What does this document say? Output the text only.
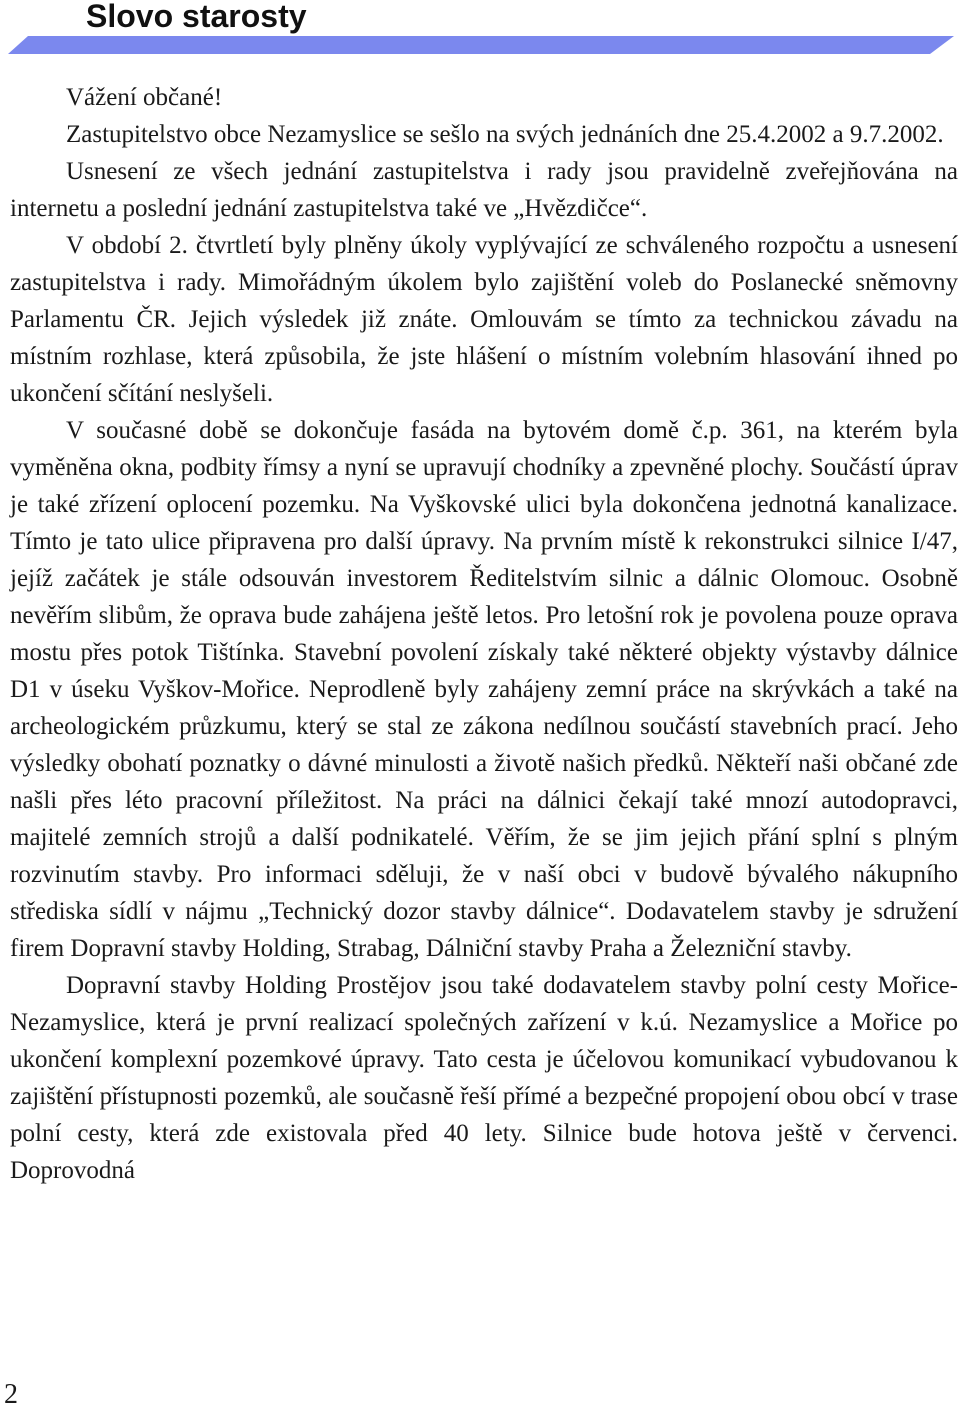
Slovo starosty

Vážení občané!

Zastupitelstvo obce Nezamyslice se sešlo na svých jednáních dne 25.4.2002 a 9.7.2002.

Usnesení ze všech jednání zastupitelstva i rady jsou pravidelně zveřejňována na internetu a poslední jednání zastupitelstva také ve „Hvězdičce“.

V období 2. čtvrtletí byly plněny úkoly vyplývající ze schváleného rozpočtu a usnesení zastupitelstva i rady. Mimořádným úkolem bylo zajištění voleb do Poslanecké sněmovny Parlamentu ČR. Jejich výsledek již znáte. Omlouvám se tímto za technickou závadu na místním rozhlase, která způsobila, že jste hlášení o místním volebním hlasování ihned po ukončení sčítání neslyšeli.

V současné době se dokončuje fasáda na bytovém domě č.p. 361, na kterém byla vyměněna okna, podbity římsy a nyní se upravují chodníky a zpevněné plochy. Součástí úprav je také zřízení oplocení pozemku. Na Vyškovské ulici byla dokončena jednotná kanalizace. Tímto je tato ulice připravena pro další úpravy. Na prvním místě k rekonstrukci silnice I/47, jejíž začátek je stále odsouván investorem Ředitelstvím silnic a dálnic Olomouc. Osobně nevěřím slibům, že oprava bude zahájena ještě letos. Pro letošní rok je povolena pouze oprava mostu přes potok Tištínka. Stavební povolení získaly také některé objekty výstavby dálnice D1 v úseku Vyškov-Mořice. Neprodleně byly zahájeny zemní práce na skrývkách a také na archeologickém průzkumu, který se stal ze zákona nedílnou součástí stavebních prací. Jeho výsledky obohatí poznatky o dávné minulosti a životě našich předků. Někteří naši občané zde našli přes léto pracovní příležitost. Na práci na dálnici čekají také mnozí autodopravci, majitelé zemních strojů a další podnikatelé. Věřím, že se jim jejich přání splní s plným rozvinutím stavby. Pro informaci sděluji, že v naší obci v budově bývalého nákupního střediska sídlí v nájmu „Technický dozor stavby dálnice“. Dodavatelem stavby je sdružení firem Dopravní stavby Holding, Strabag, Dálniční stavby Praha a Železniční stavby.

Dopravní stavby Holding Prostějov jsou také dodavatelem stavby polní cesty Mořice-Nezamyslice, která je první realizací společných zařízení v k.ú. Nezamyslice a Mořice po ukončení komplexní pozemkové úpravy. Tato cesta je účelovou komunikací vybudovanou k zajištění přístupnosti pozemků, ale současně řeší přímé a bezpečné propojení obou obcí v trase polní cesty, která zde existovala před 40 lety. Silnice bude hotova ještě v červenci. Doprovodná

2
